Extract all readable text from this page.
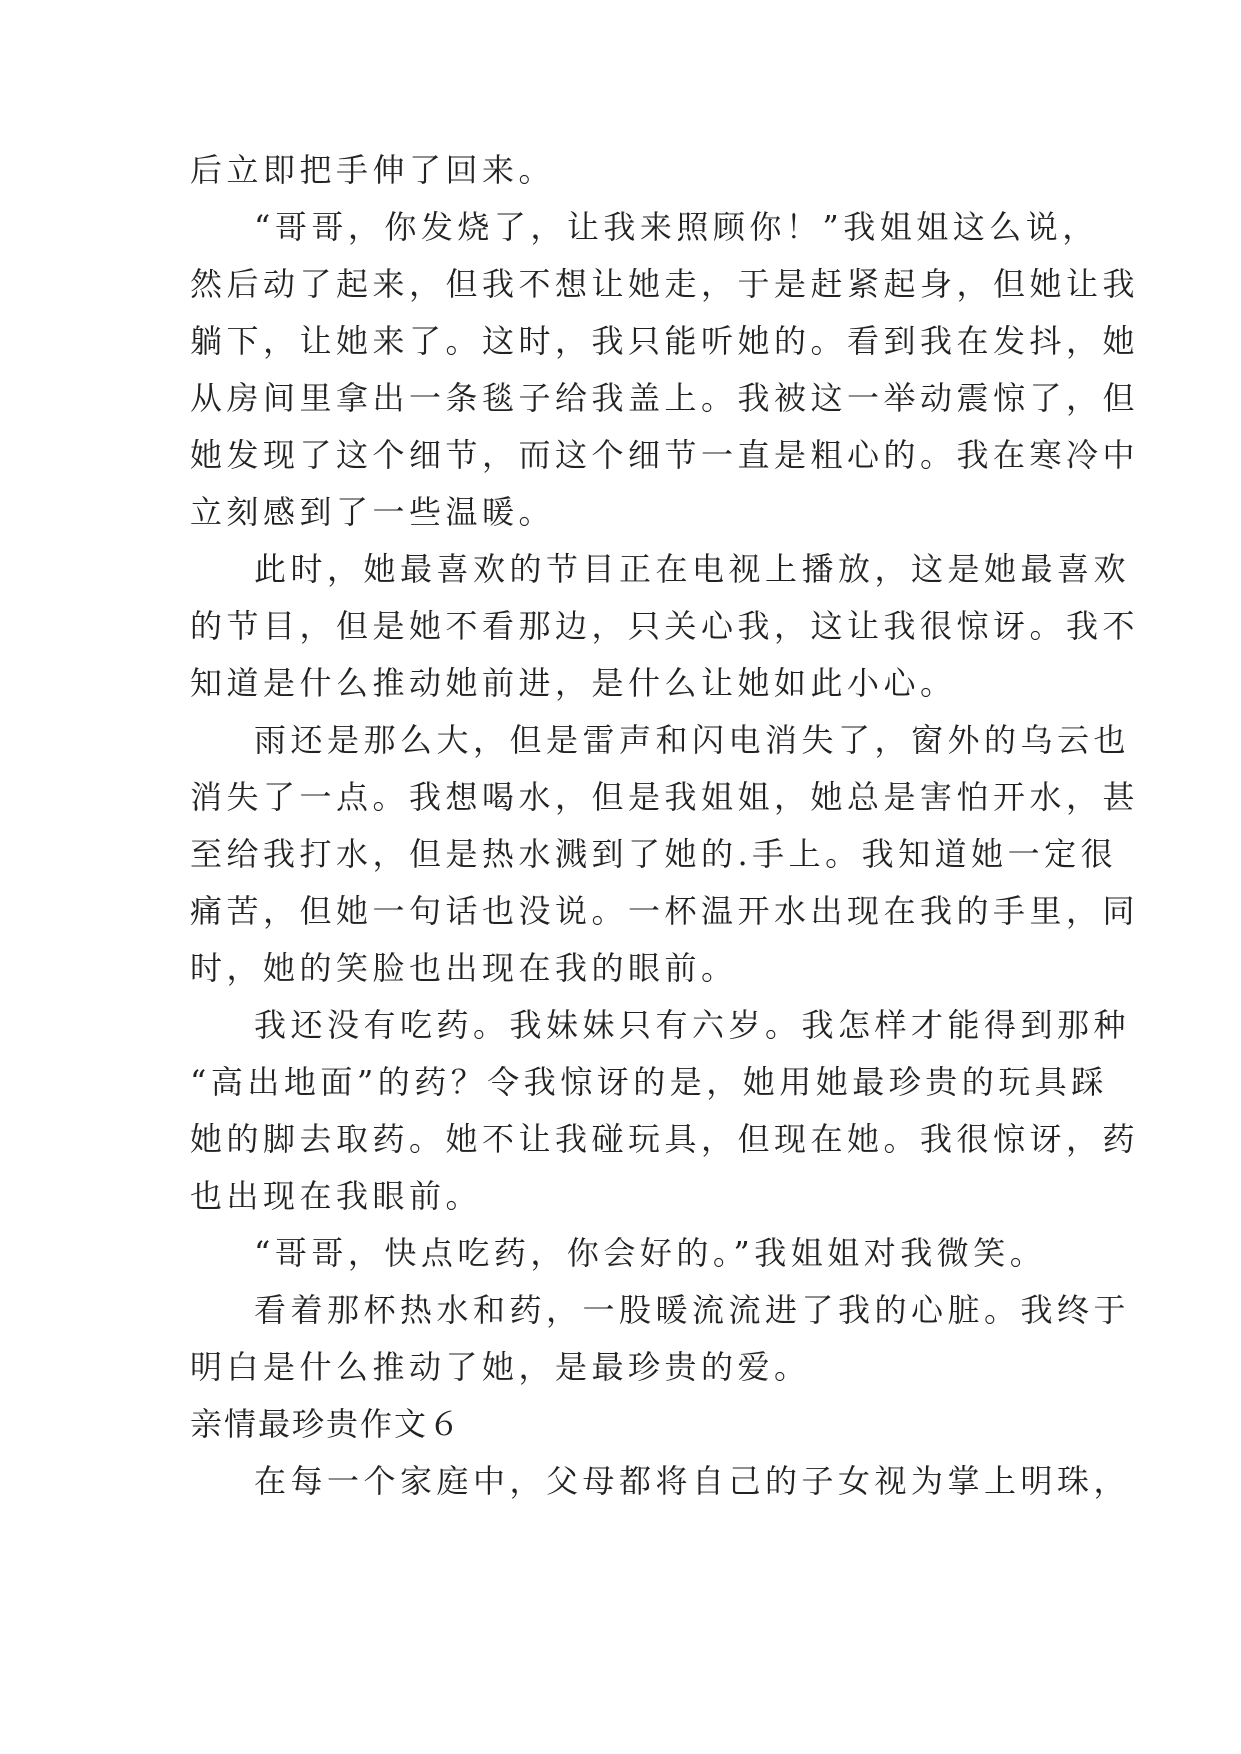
后立即把手伸了回来。
“哥哥，你发烧了，让我来照顾你！”我姐姐这么说，
然后动了起来，但我不想让她走，于是赶紧起身，但她让我
躺下，让她来了。这时，我只能听她的。看到我在发抖，她
从房间里拿出一条毯子给我盖上。我被这一举动震惊了，但
她发现了这个细节，而这个细节一直是粗心的。我在寒冷中
立刻感到了一些温暖。
此时，她最喜欢的节目正在电视上播放，这是她最喜欢
的节目，但是她不看那边，只关心我，这让我很惊讶。我不
知道是什么推动她前进，是什么让她如此小心。
雨还是那么大，但是雷声和闪电消失了，窗外的乌云也
消失了一点。我想喝水，但是我姐姐，她总是害怕开水，甚
至给我打水，但是热水溅到了她的.手上。我知道她一定很
痛苦，但她一句话也没说。一杯温开水出现在我的手里，同
时，她的笑脸也出现在我的眼前。
我还没有吃药。我妹妹只有六岁。我怎样才能得到那种
“高出地面”的药？令我惊讶的是，她用她最珍贵的玩具踩
她的脚去取药。她不让我碰玩具，但现在她。我很惊讶，药
也出现在我眼前。
“哥哥，快点吃药，你会好的。”我姐姐对我微笑。
看着那杯热水和药，一股暖流流进了我的心脏。我终于
明白是什么推动了她，是最珍贵的爱。
亲情最珍贵作文６
在每一个家庭中，父母都将自己的子女视为掌上明珠，
